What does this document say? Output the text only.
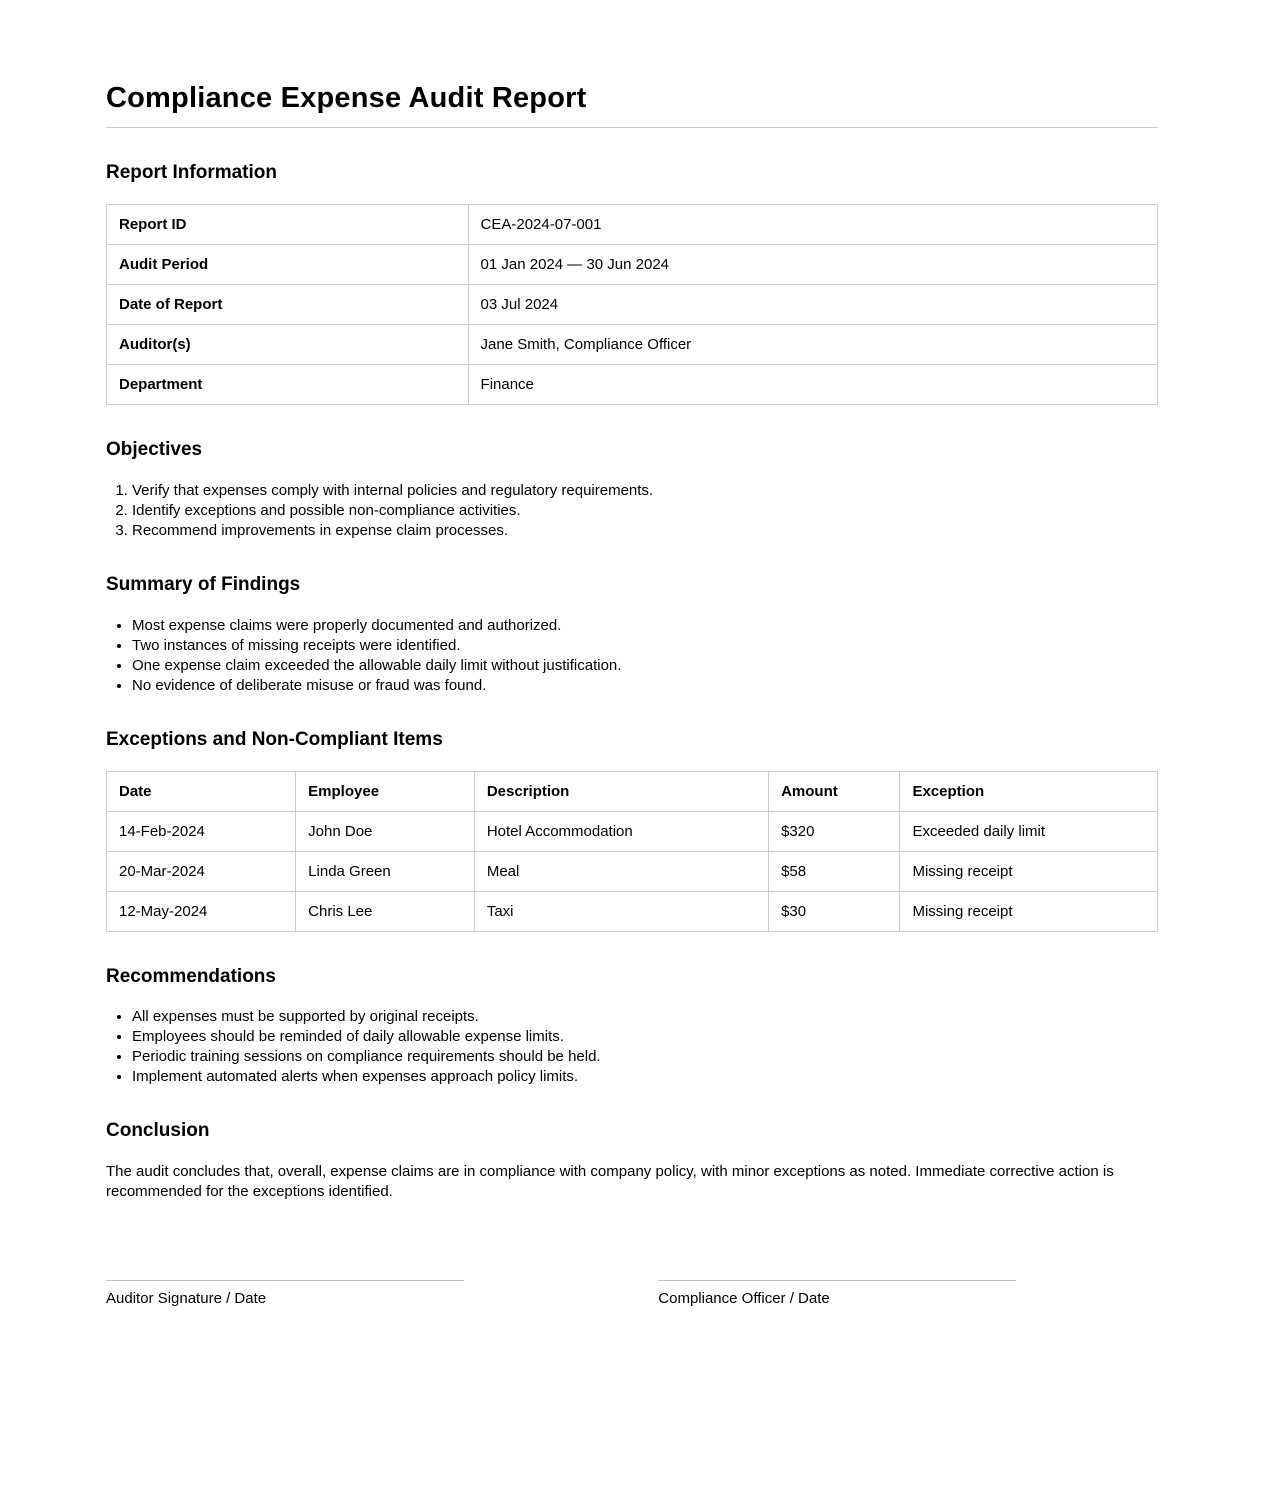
Compliance Expense Audit Report
Report Information
Report ID	CEA-2024-07-001
Audit Period	01 Jan 2024 — 30 Jun 2024
Date of Report	03 Jul 2024
Auditor(s)	Jane Smith, Compliance Officer
Department	Finance
Objectives
1. Verify that expenses comply with internal policies and regulatory requirements.
2. Identify exceptions and possible non-compliance activities.
3. Recommend improvements in expense claim processes.
Summary of Findings
• Most expense claims were properly documented and authorized.
• Two instances of missing receipts were identified.
• One expense claim exceeded the allowable daily limit without justification.
• No evidence of deliberate misuse or fraud was found.
Exceptions and Non-Compliant Items
Date	Employee	Description	Amount	Exception
14-Feb-2024	John Doe	Hotel Accommodation	$320	Exceeded daily limit
20-Mar-2024	Linda Green	Meal	$58	Missing receipt
12-May-2024	Chris Lee	Taxi	$30	Missing receipt
Recommendations
• All expenses must be supported by original receipts.
• Employees should be reminded of daily allowable expense limits.
• Periodic training sessions on compliance requirements should be held.
• Implement automated alerts when expenses approach policy limits.
Conclusion

The audit concludes that, overall, expense claims are in compliance with company policy, with minor exceptions as noted. Immediate corrective action is recommended for the exceptions identified.

Auditor Signature / Date	Compliance Officer / Date
